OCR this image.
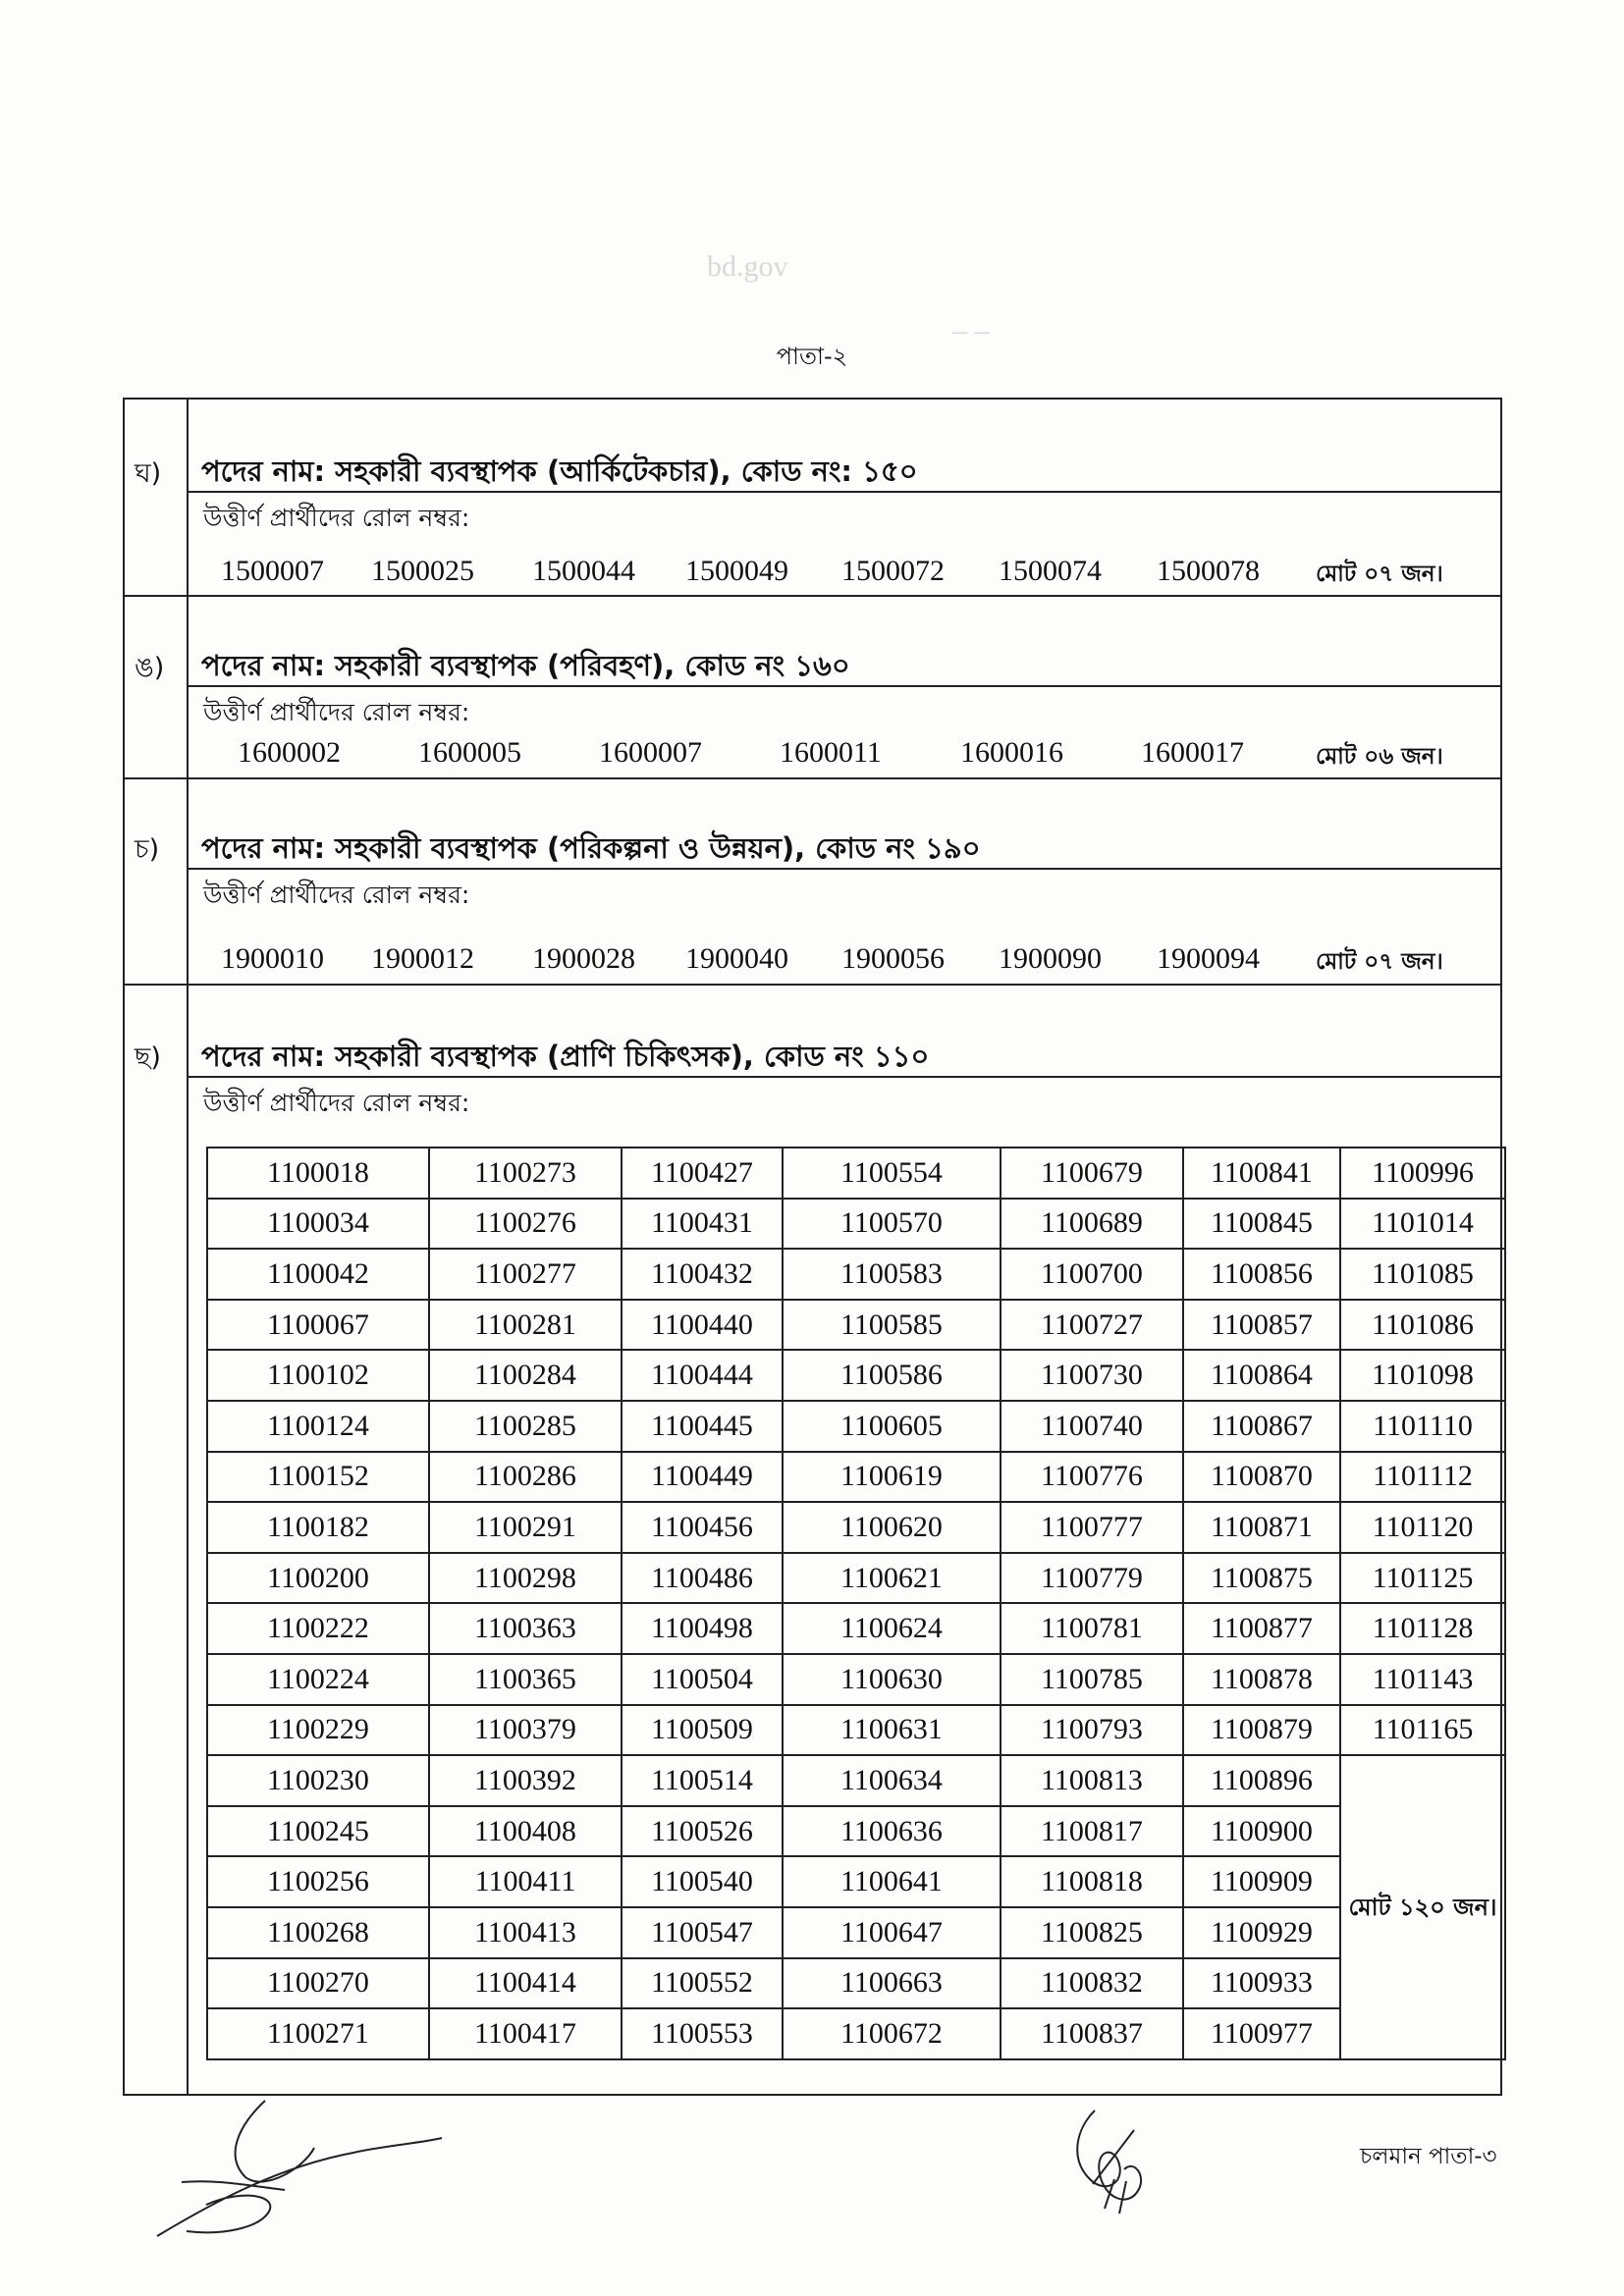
bd.gov
_ _
পাতা-২
ঘ) পদের নাম: সহকারী ব্যবস্থাপক (আর্কিটেকচার), কোড নং: ১৫০
উত্তীর্ণ প্রার্থীদের রোল নম্বর:
1500007 1500025 1500044 1500049 1500072 1500074 1500078 মোট ০৭ জন।
ঙ) পদের নাম: সহকারী ব্যবস্থাপক (পরিবহণ), কোড নং ১৬০
উত্তীর্ণ প্রার্থীদের রোল নম্বর:
1600002	1600005	1600007	1600011	1600016	1600017	মোট ০৬ জন।
চ) পদের নাম: সহকারী ব্যবস্থাপক (পরিকল্পনা ও উন্নয়ন), কোড নং ১৯০
উত্তীর্ণ প্রার্থীদের রোল নম্বর:
1900010 1900012 1900028 1900040 1900056 1900090 1900094 মোট ০৭ জন।
ছ) পদের নাম: সহকারী ব্যবস্থাপক (প্রাণি চিকিৎসক), কোড নং ১১০
উত্তীর্ণ প্রার্থীদের রোল নম্বর:
1100018	1100273	1100427	1100554	1100679	1100841	1100996
1100034	1100276	1100431	1100570	1100689	1100845	1101014
1100042	1100277	1100432	1100583	1100700	1100856	1101085
1100067	1100281	1100440	1100585	1100727	1100857	1101086
1100102	1100284	1100444	1100586	1100730	1100864	1101098
1100124	1100285	1100445	1100605	1100740	1100867	1101110
1100152	1100286	1100449	1100619	1100776	1100870	1101112
1100182	1100291	1100456	1100620	1100777	1100871	1101120
1100200	1100298	1100486	1100621	1100779	1100875	1101125
1100222	1100363	1100498	1100624	1100781	1100877	1101128
1100224	1100365	1100504	1100630	1100785	1100878	1101143
1100229	1100379	1100509	1100631	1100793	1100879	1101165
1100230	1100392	1100514	1100634	1100813	1100896	মোট ১২০ জন।
1100245	1100408	1100526	1100636	1100817	1100900	
1100256	1100411	1100540	1100641	1100818	1100909	
1100268	1100413	1100547	1100647	1100825	1100929	
1100270	1100414	1100552	1100663	1100832	1100933	
1100271	1100417	1100553	1100672	1100837	1100977	
চলমান পাতা-৩
